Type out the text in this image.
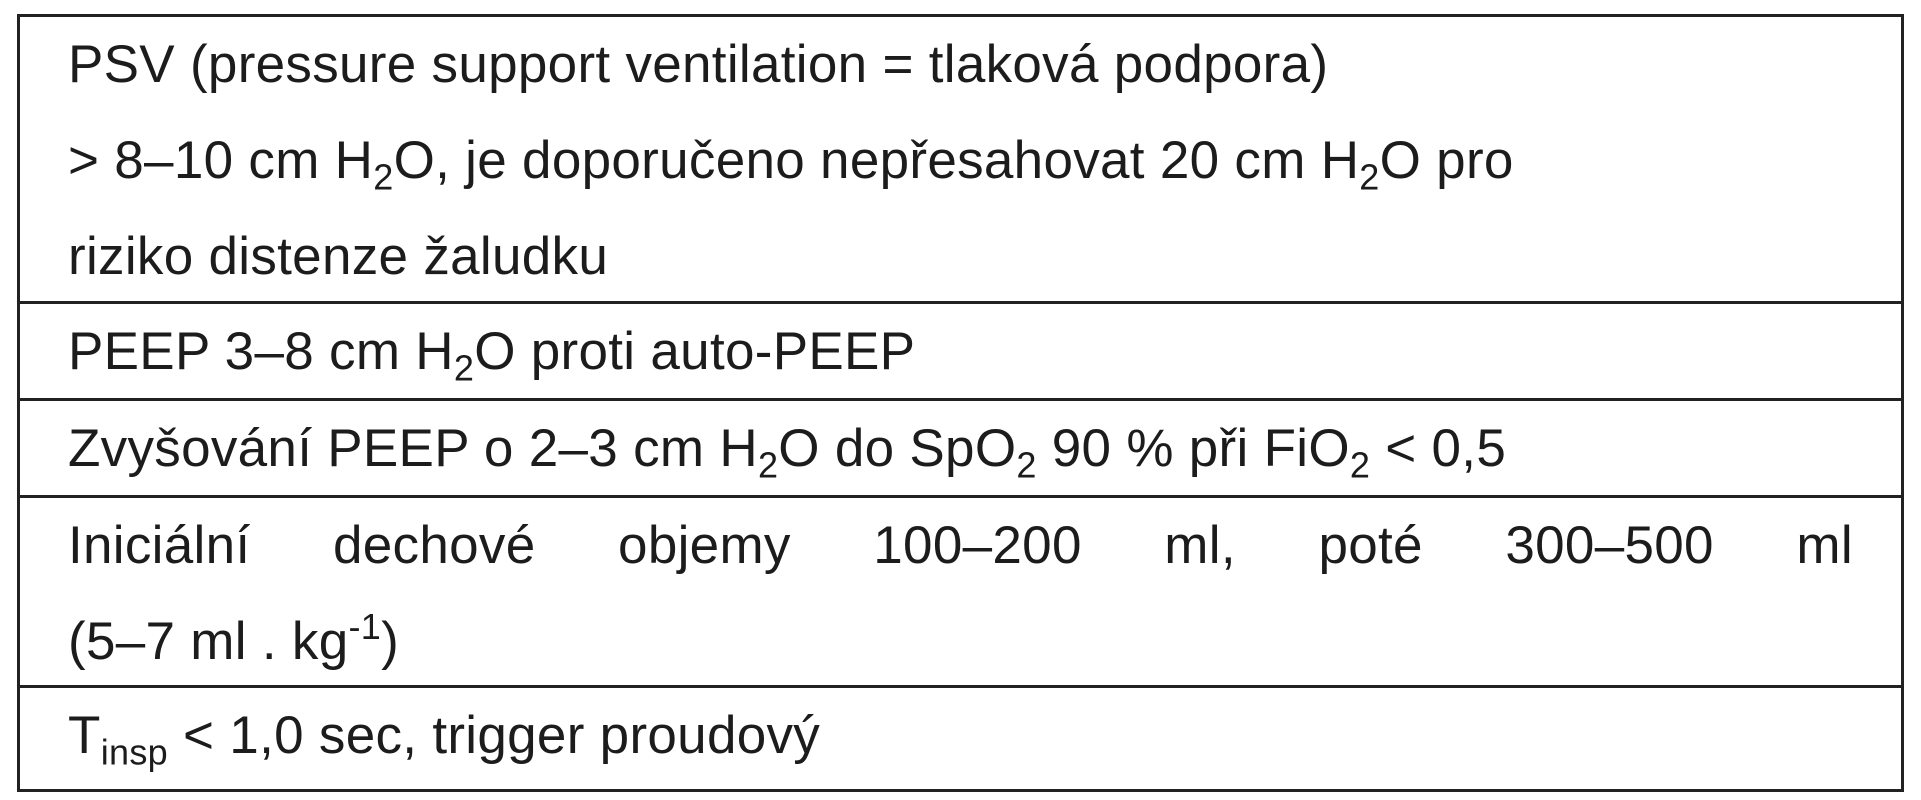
PSV (pressure support ventilation = tlaková podpora)
> 8–10 cm $H_2O$, je doporučeno nepřesahovat 20 cm $H_2O$ pro
riziko distenze žaludku
PEEP 3–8 cm $H_2O$ proti auto-PEEP
Zvyšování PEEP o 2–3 cm $H_2O$ do SpO$_2$ 90 % při FiO$_2$ < 0,5
Iniciální dechové objemy 100–200 ml, poté 300–500 ml
(5–7 ml . $kg^{-1}$)
$T_{insp} < 1,0$ sec, trigger proudový
